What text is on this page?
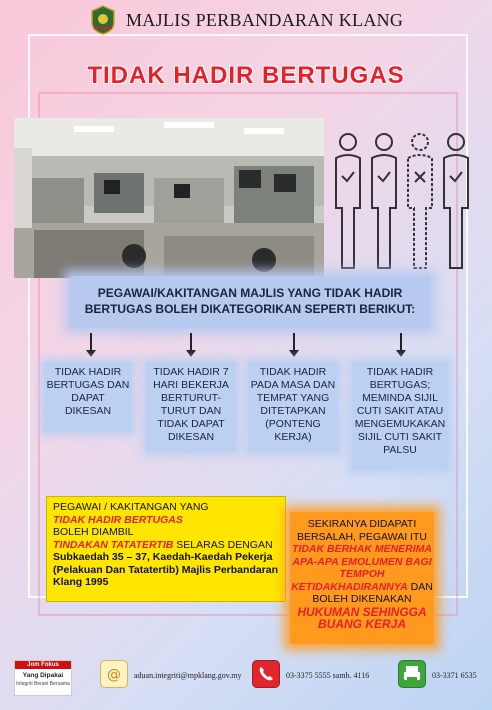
MAJLIS PERBANDARAN KLANG
TIDAK HADIR BERTUGAS
PEGAWAI/KAKITANGAN MAJLIS YANG TIDAK HADIR
BERTUGAS BOLEH DIKATEGORIKAN SEPERTI BERIKUT:
TIDAK HADIR
BERTUGAS DAN
DAPAT
DIKESAN
TIDAK HADIR 7
HARI BEKERJA
BERTURUT-
TURUT DAN
TIDAK DAPAT
DIKESAN
TIDAK HADIR
PADA MASA DAN
TEMPAT YANG
DITETAPKAN
(PONTENG
KERJA)
TIDAK HADIR
BERTUGAS;
MEMINDA SIJIL
CUTI SAKIT ATAU
MENGEMUKAKAN
SIJIL CUTI SAKIT
PALSU
PEGAWAI / KAKITANGAN YANG
TIDAK HADIR BERTUGAS
BOLEH DIAMBIL
TINDAKAN TATATERTIB SELARAS DENGAN
Subkaedah 35 – 37, Kaedah-Kaedah Pekerja
(Pelakuan Dan Tatatertib) Majlis Perbandaran
Klang 1995
SEKIRANYA DIDAPATI
BERSALAH, PEGAWAI ITU
TIDAK BERHAK MENERIMA
APA-APA EMOLUMEN BAGI
TEMPOH
KETIDAKHADIRANNYA DAN
BOLEH DIKENAKAN
HUKUMAN SEHINGGA
BUANG KERJA
Jom Fokus
Yang Dipakai
Integriti Berani Bersama
@ aduan.integriti@mpklang.gov.my	03-3375 5555 samb. 4116	03-3371 6535
